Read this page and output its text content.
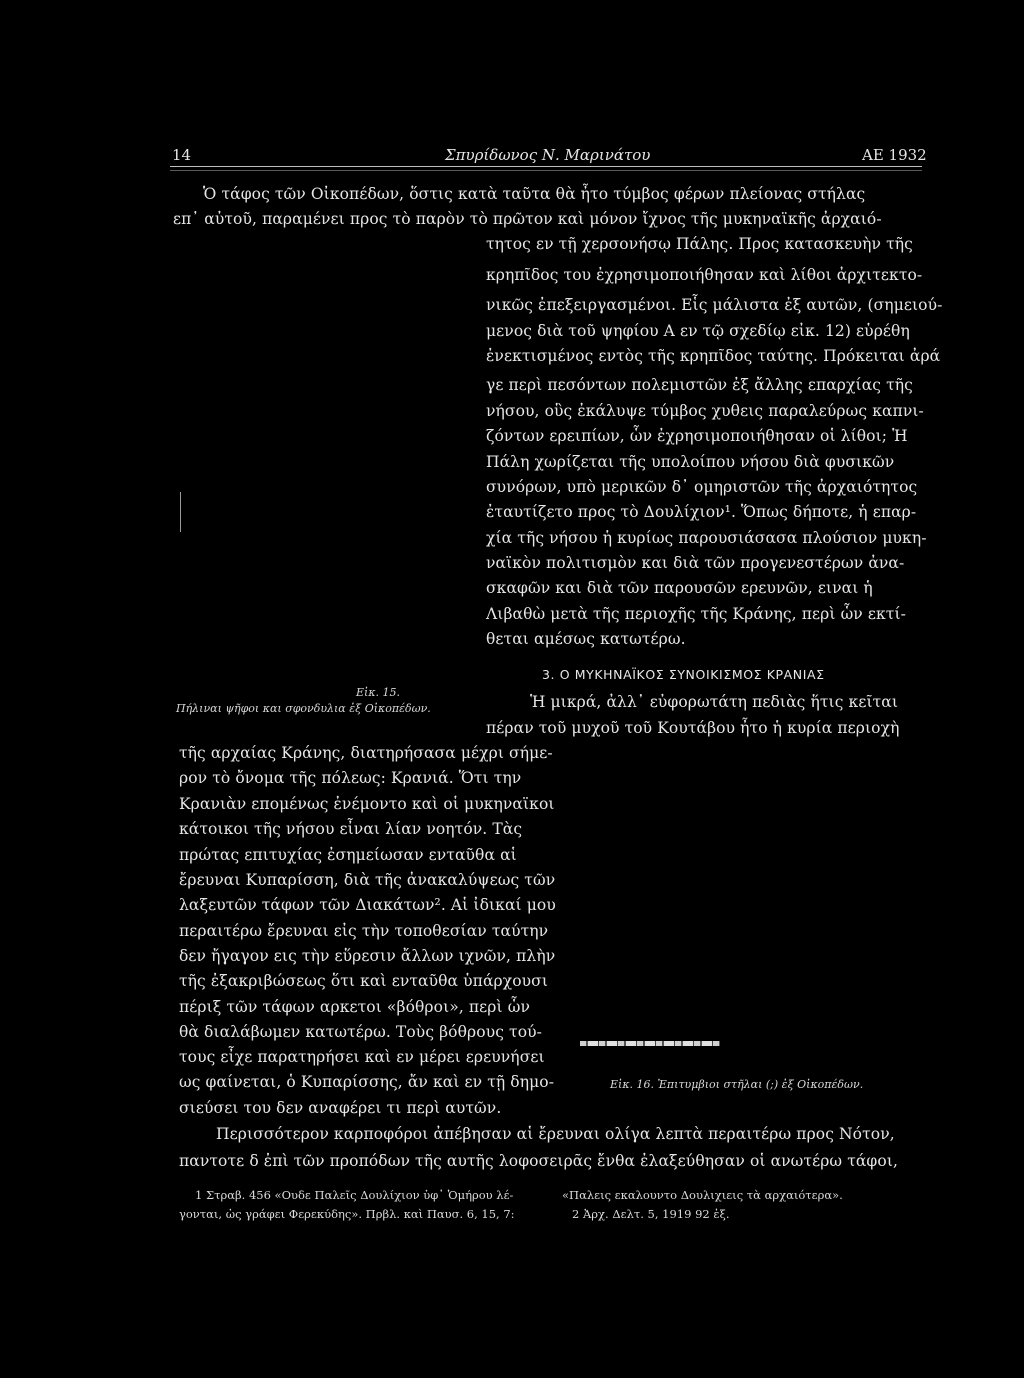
14	Σπυρίδωνος Ν. Μαρινάτου	ΑΕ 1932
Ὁ τάφος τῶν Οἰκοπέδων, ὅστις κατὰ ταῦτα θὰ ἦτο τύμβος φέρων πλείονας στήλας
επ᾽ αὐτοῦ, παραμένει προς τὸ παρὸν τὸ πρῶτον καὶ μόνον ἴχνος τῆς μυκηναϊκῆς ἀρχαιό-
τητος εν τῇ χερσονήσῳ Πάλης. Προς κατασκευὴν τῆς
κρηπῖδος του ἐχρησιμοποιήθησαν καὶ λίθοι ἀρχιτεκτο-
νικῶς ἐπεξειργασμένοι. Εἷς μάλιστα ἐξ αυτῶν, (σημειού-
μενος διὰ τοῦ ψηφίου Α εν τῷ σχεδίῳ εἰκ. 12) εὑρέθη
ἐνεκτισμένος εντὸς τῆς κρηπῖδος ταύτης. Πρόκειται ἀρά
γε περὶ πεσόντων πολεμιστῶν ἐξ ἄλλης επαρχίας τῆς
νήσου, οὓς ἐκάλυψε τύμβος χυθεις παραλεύρως καπνι-
ζόντων ερειπίων, ὧν ἐχρησιμοποιήθησαν οἱ λίθοι; Ἡ
Πάλη χωρίζεται τῆς υπολοίπου νήσου διὰ φυσικῶν
συνόρων, υπὸ μερικῶν δ᾽ ομηριστῶν τῆς ἀρχαιότητος
ἐταυτίζετο προς τὸ Δουλίχιον¹. Ὅπως δήποτε, ἡ επαρ-
χία τῆς νήσου ἡ κυρίως παρουσιάσασα πλούσιον μυκη-
ναϊκὸν πολιτισμὸν και διὰ τῶν προγενεστέρων ἀνα-
σκαφῶν και διὰ τῶν παρουσῶν ερευνῶν, ειναι ἡ
Λιβαθὼ μετὰ τῆς περιοχῆς τῆς Κράνης, περὶ ὧν εκτί-
θεται αμέσως κατωτέρω.
Εἰκ. 15.
Πήλιναι ψῆφοι και σφονδυλια ἐξ Οἰκοπέδων.
3. Ο ΜΥΚΗΝΑΪΚΟΣ ΣΥΝΟΙΚΙΣΜΟΣ ΚΡΑΝΙΑΣ
Ἡ μικρά, ἀλλ᾽ εὐφορωτάτη πεδιὰς ἥτις κεῖται
πέραν τοῦ μυχοῦ τοῦ Κουτάβου ἦτο ἡ κυρία περιοχὴ
τῆς αρχαίας Κράνης, διατηρήσασα μέχρι σήμε-
ρον τὸ ὄνομα τῆς πόλεως: Κρανιά. Ὅτι την
Κρανιὰν επομένως ἐνέμοντο καὶ οἱ μυκηναϊκοι
κάτοικοι τῆς νήσου εἶναι λίαν νοητόν. Τὰς
πρώτας επιτυχίας ἐσημείωσαν ενταῦθα αἱ
ἔρευναι Κυπαρίσση, διὰ τῆς ἀνακαλύψεως τῶν
λαξευτῶν τάφων τῶν Διακάτων². Αἱ ἰδικαί μου
περαιτέρω ἔρευναι εἰς τὴν τοποθεσίαν ταύτην
δεν ἤγαγον εις τὴν εὕρεσιν ἄλλων ιχνῶν, πλὴν
τῆς ἐξακριβώσεως ὅτι καὶ ενταῦθα ὑπάρχουσι
πέριξ τῶν τάφων αρκετοι «βόθροι», περὶ ὧν
θὰ διαλάβωμεν κατωτέρω. Τοὺς βόθρους τού-
τους εἶχε παρατηρήσει καὶ εν μέρει ερευνήσει
ως φαίνεται, ὁ Κυπαρίσσης, ἄν καὶ εν τῇ δημο-
σιεύσει του δεν αναφέρει τι περὶ αυτῶν.
Εἰκ. 16. Ἐπιτυμβιοι στῆλαι (;) ἐξ Οἰκοπέδων.
Περισσότερον καρποφόροι ἀπέβησαν αἱ ἔρευναι ολίγα λεπτὰ περαιτέρω προς Νότον,
παντοτε δ ἐπὶ τῶν προπόδων τῆς αυτῆς λοφοσειρᾶς ἔνθα ἐλαξεύθησαν οἱ ανωτέρω τάφοι,
1 Στραβ. 456 «Ουδε Παλεῖς Δουλίχιον ὑφ᾽ Ὁμήρου λέ-
γονται, ὡς γράφει Φερεκύδης». Πρβλ. καὶ Παυσ. 6, 15, 7:
«Παλεις εκαλουντο Δουλιχιεις τὰ αρχαιότερα».
2 Ἀρχ. Δελτ. 5, 1919 92 ἑξ.
